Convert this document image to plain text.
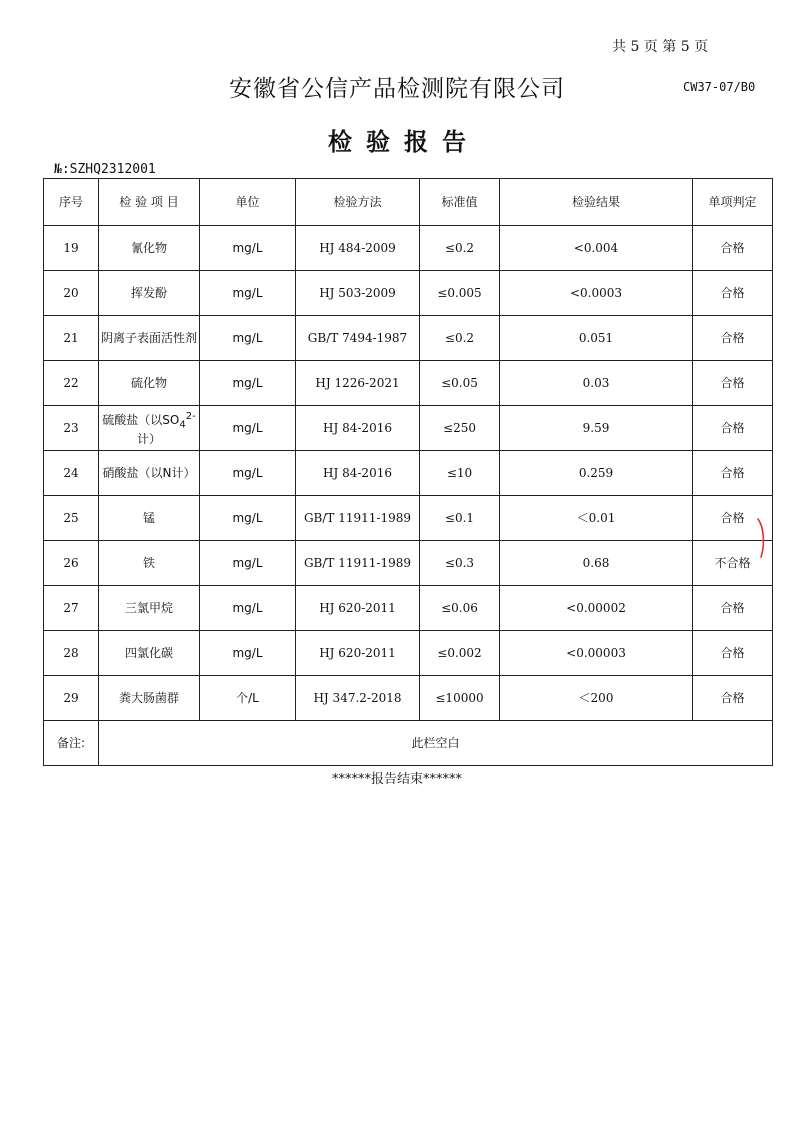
共 5 页 第 5 页
安徽省公信产品检测院有限公司	CW37-07/B0
检验报告
№:SZHQ2312001
序号	检 验 项 目	单位	检验方法	标准值	检验结果	单项判定
19	氰化物	mg/L	HJ 484-2009	≤0.2	<0.004	合格
20	挥发酚	mg/L	HJ 503-2009	≤0.005	<0.0003	合格
21	阴离子表面活性剂	mg/L	GB/T 7494-1987	≤0.2	0.051	合格
22	硫化物	mg/L	HJ 1226-2021	≤0.05	0.03	合格
23	硫酸盐（以$SO_4^{2-}$计）	mg/L	HJ 84-2016	≤250	9.59	合格
24	硝酸盐（以N计）	mg/L	HJ 84-2016	≤10	0.259	合格
25	锰	mg/L	GB/T 11911-1989	≤0.1	＜0.01	合格
26	铁	mg/L	GB/T 11911-1989	≤0.3	0.68	不合格
27	三氯甲烷	mg/L	HJ 620-2011	≤0.06	<0.00002	合格
28	四氯化碳	mg/L	HJ 620-2011	≤0.002	<0.00003	合格
29	粪大肠菌群	个/L	HJ 347.2-2018	≤10000	＜200	合格
备注:	此栏空白					
******报告结束******
